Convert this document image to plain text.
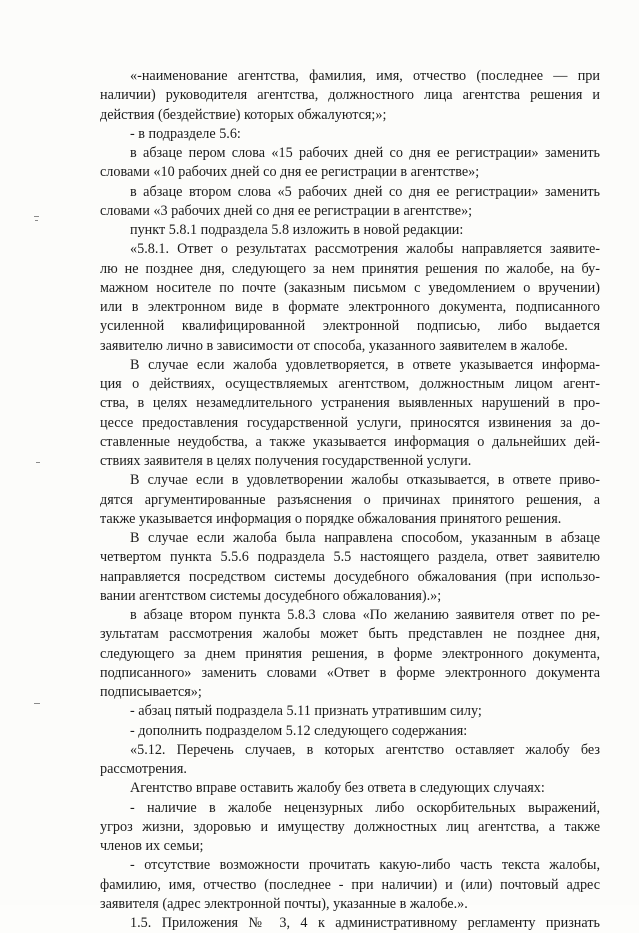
«-наименование агентства, фамилия, имя, отчество (последнее — при
наличии) руководителя агентства, должностного лица агентства решения и
действия (бездействие) которых обжалуются;»;
- в подразделе 5.6:
в абзаце пером слова «15 рабочих дней со дня ее регистрации» заменить
словами «10 рабочих дней со дня ее регистрации в агентстве»;
в абзаце втором слова «5 рабочих дней со дня ее регистрации» заменить
словами «3 рабочих дней со дня ее регистрации в агентстве»;
пункт 5.8.1 подраздела 5.8 изложить в новой редакции:
«5.8.1. Ответ о результатах рассмотрения жалобы направляется заявите-
лю не позднее дня, следующего за нем принятия решения по жалобе, на бу-
мажном носителе по почте (заказным письмом с уведомлением о вручении)
или в электронном виде в формате электронного документа, подписанного
усиленной квалифицированной электронной подписью, либо выдается
заявителю лично в зависимости от способа, указанного заявителем в жалобе.
В случае если жалоба удовлетворяется, в ответе указывается информа-
ция о действиях, осуществляемых агентством, должностным лицом агент-
ства, в целях незамедлительного устранения выявленных нарушений в про-
цессе предоставления государственной услуги, приносятся извинения за до-
ставленные неудобства, а также указывается информация о дальнейших дей-
ствиях заявителя в целях получения государственной услуги.
В случае если в удовлетворении жалобы отказывается, в ответе приво-
дятся аргументированные разъяснения о причинах принятого решения, а
также указывается информация о порядке обжалования принятого решения.
В случае если жалоба была направлена способом, указанным в абзаце
четвертом пункта 5.5.6 подраздела 5.5 настоящего раздела, ответ заявителю
направляется посредством системы досудебного обжалования (при использо-
вании агентством системы досудебного обжалования).»;
в абзаце втором пункта 5.8.3 слова «По желанию заявителя ответ по ре-
зультатам рассмотрения жалобы может быть представлен не позднее дня,
следующего за днем принятия решения, в форме электронного документа,
подписанного» заменить словами «Ответ в форме электронного документа
подписывается»;
- абзац пятый подраздела 5.11 признать утратившим силу;
- дополнить подразделом 5.12 следующего содержания:
«5.12. Перечень случаев, в которых агентство оставляет жалобу без
рассмотрения.
Агентство вправе оставить жалобу без ответа в следующих случаях:
- наличие в жалобе нецензурных либо оскорбительных выражений,
угроз жизни, здоровью и имуществу должностных лиц агентства, а также
членов их семьи;
- отсутствие возможности прочитать какую-либо часть текста жалобы,
фамилию, имя, отчество (последнее - при наличии) и (или) почтовый адрес
заявителя (адрес электронной почты), указанные в жалобе.».
1.5. Приложения № 3, 4 к административному регламенту признать
